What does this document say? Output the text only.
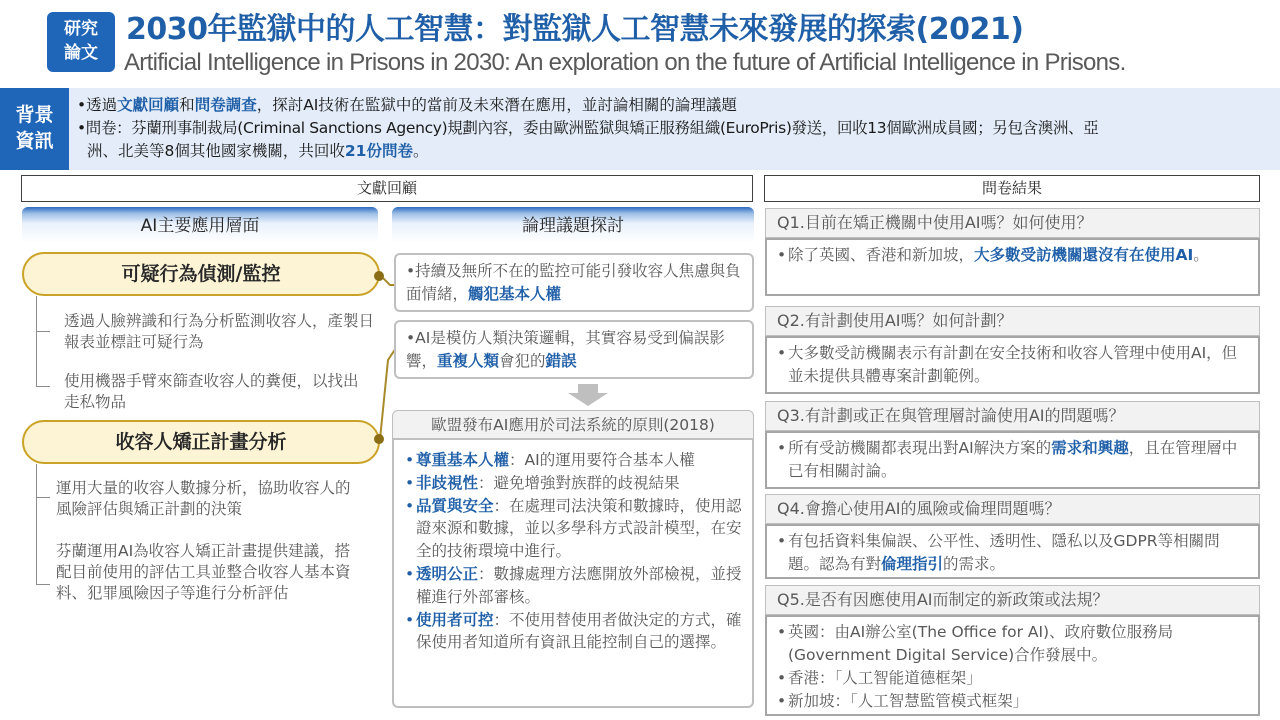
研究
論文
2030年監獄中的人工智慧：對監獄人工智慧未來發展的探索(2021)
Artificial Intelligence in Prisons in 2030: An exploration on the future of Artificial Intelligence in Prisons.
背景
資訊
•透過文獻回顧和問卷調查，探討AI技術在監獄中的當前及未來潛在應用，並討論相關的論理議題
•問卷：芬蘭刑事制裁局(Criminal Sanctions Agency)規劃內容，委由歐洲監獄與矯正服務組織(EuroPris)發送，回收13個歐洲成員國；另包含澳洲、亞
洲、北美等8個其他國家機關，共回收21份問卷。
文獻回顧	問卷結果
AI主要應用層面
可疑行為偵測/監控
透過人臉辨識和行為分析監測收容人，產製日報表並標註可疑行為
使用機器手臂來篩查收容人的糞便，以找出走私物品
收容人矯正計畫分析
運用大量的收容人數據分析，協助收容人的風險評估與矯正計劃的決策
芬蘭運用AI為收容人矯正計畫提供建議，搭配目前使用的評估工具並整合收容人基本資料、犯罪風險因子等進行分析評估
論理議題探討
•持續及無所不在的監控可能引發收容人焦慮與負面情緒，觸犯基本人權
•AI是模仿人類決策邏輯，其實容易受到偏誤影響，重複人類會犯的錯誤
歐盟發布AI應用於司法系統的原則(2018)
• 尊重基本人權：AI的運用要符合基本人權
• 非歧視性：避免增強對族群的歧視結果
• 品質與安全：在處理司法決策和數據時，使用認證來源和數據，並以多學科方式設計模型，在安全的技術環境中進行。
• 透明公正：數據處理方法應開放外部檢視，並授權進行外部審核。
• 使用者可控：不使用替使用者做決定的方式，確保使用者知道所有資訊且能控制自己的選擇。
Q1.目前在矯正機關中使用AI嗎？如何使用？
• 除了英國、香港和新加坡，大多數受訪機關還沒有在使用AI。
Q2.有計劃使用AI嗎？如何計劃？
• 大多數受訪機關表示有計劃在安全技術和收容人管理中使用AI，但並未提供具體專案計劃範例。
Q3.有計劃或正在與管理層討論使用AI的問題嗎？
• 所有受訪機關都表現出對AI解決方案的需求和興趣，且在管理層中已有相關討論。
Q4.會擔心使用AI的風險或倫理問題嗎？
• 有包括資料集偏誤、公平性、透明性、隱私以及GDPR等相關問題。認為有對倫理指引的需求。
Q5.是否有因應使用AI而制定的新政策或法規？
• 英國：由AI辦公室(The Office for AI)、政府數位服務局(Government Digital Service)合作發展中。
• 香港：「人工智能道德框架」
• 新加坡：「人工智慧監管模式框架」
